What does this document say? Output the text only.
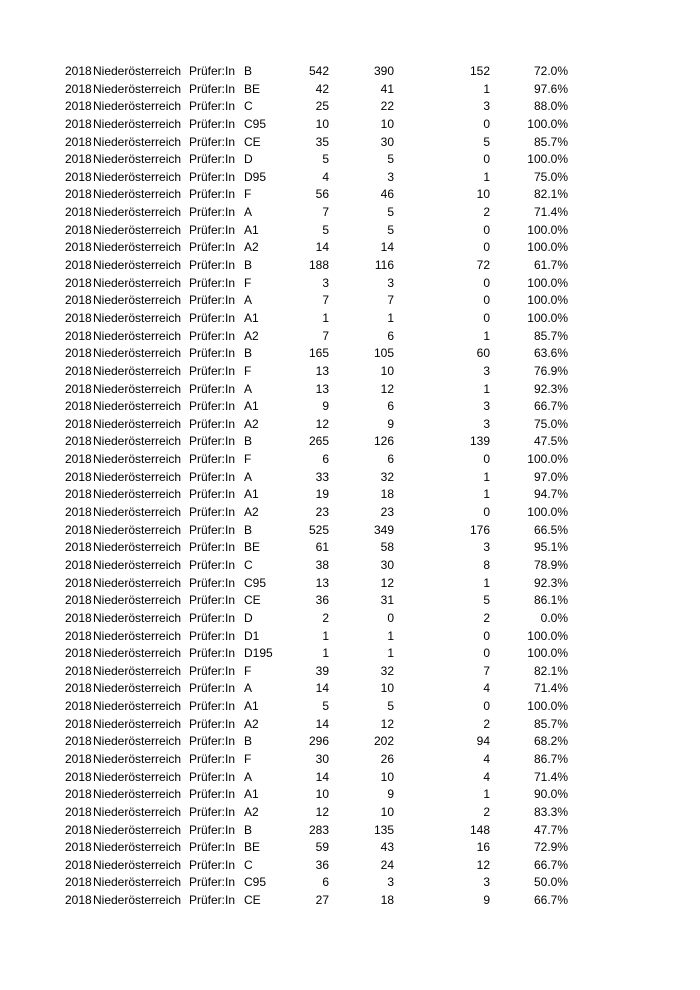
2018 Niederösterreich Prüfer:In B	542	390	152	72.0%
2018 Niederösterreich Prüfer:In BE	42	41	1	97.6%
2018 Niederösterreich Prüfer:In C	25	22	3	88.0%
2018 Niederösterreich Prüfer:In C95	10	10	0	100.0%
2018 Niederösterreich Prüfer:In CE	35	30	5	85.7%
2018 Niederösterreich Prüfer:In D	5	5	0	100.0%
2018 Niederösterreich Prüfer:In D95	4	3	1	75.0%
2018 Niederösterreich Prüfer:In F	56	46	10	82.1%
2018 Niederösterreich Prüfer:In A	7	5	2	71.4%
2018 Niederösterreich Prüfer:In A1	5	5	0	100.0%
2018 Niederösterreich Prüfer:In A2	14	14	0	100.0%
2018 Niederösterreich Prüfer:In B	188	116	72	61.7%
2018 Niederösterreich Prüfer:In F	3	3	0	100.0%
2018 Niederösterreich Prüfer:In A	7	7	0	100.0%
2018 Niederösterreich Prüfer:In A1	1	1	0	100.0%
2018 Niederösterreich Prüfer:In A2	7	6	1	85.7%
2018 Niederösterreich Prüfer:In B	165	105	60	63.6%
2018 Niederösterreich Prüfer:In F	13	10	3	76.9%
2018 Niederösterreich Prüfer:In A	13	12	1	92.3%
2018 Niederösterreich Prüfer:In A1	9	6	3	66.7%
2018 Niederösterreich Prüfer:In A2	12	9	3	75.0%
2018 Niederösterreich Prüfer:In B	265	126	139	47.5%
2018 Niederösterreich Prüfer:In F	6	6	0	100.0%
2018 Niederösterreich Prüfer:In A	33	32	1	97.0%
2018 Niederösterreich Prüfer:In A1	19	18	1	94.7%
2018 Niederösterreich Prüfer:In A2	23	23	0	100.0%
2018 Niederösterreich Prüfer:In B	525	349	176	66.5%
2018 Niederösterreich Prüfer:In BE	61	58	3	95.1%
2018 Niederösterreich Prüfer:In C	38	30	8	78.9%
2018 Niederösterreich Prüfer:In C95	13	12	1	92.3%
2018 Niederösterreich Prüfer:In CE	36	31	5	86.1%
2018 Niederösterreich Prüfer:In D	2	0	2	0.0%
2018 Niederösterreich Prüfer:In D1	1	1	0	100.0%
2018 Niederösterreich Prüfer:In D195	1	1	0	100.0%
2018 Niederösterreich Prüfer:In F	39	32	7	82.1%
2018 Niederösterreich Prüfer:In A	14	10	4	71.4%
2018 Niederösterreich Prüfer:In A1	5	5	0	100.0%
2018 Niederösterreich Prüfer:In A2	14	12	2	85.7%
2018 Niederösterreich Prüfer:In B	296	202	94	68.2%
2018 Niederösterreich Prüfer:In F	30	26	4	86.7%
2018 Niederösterreich Prüfer:In A	14	10	4	71.4%
2018 Niederösterreich Prüfer:In A1	10	9	1	90.0%
2018 Niederösterreich Prüfer:In A2	12	10	2	83.3%
2018 Niederösterreich Prüfer:In B	283	135	148	47.7%
2018 Niederösterreich Prüfer:In BE	59	43	16	72.9%
2018 Niederösterreich Prüfer:In C	36	24	12	66.7%
2018 Niederösterreich Prüfer:In C95	6	3	3	50.0%
2018 Niederösterreich Prüfer:In CE	27	18	9	66.7%
